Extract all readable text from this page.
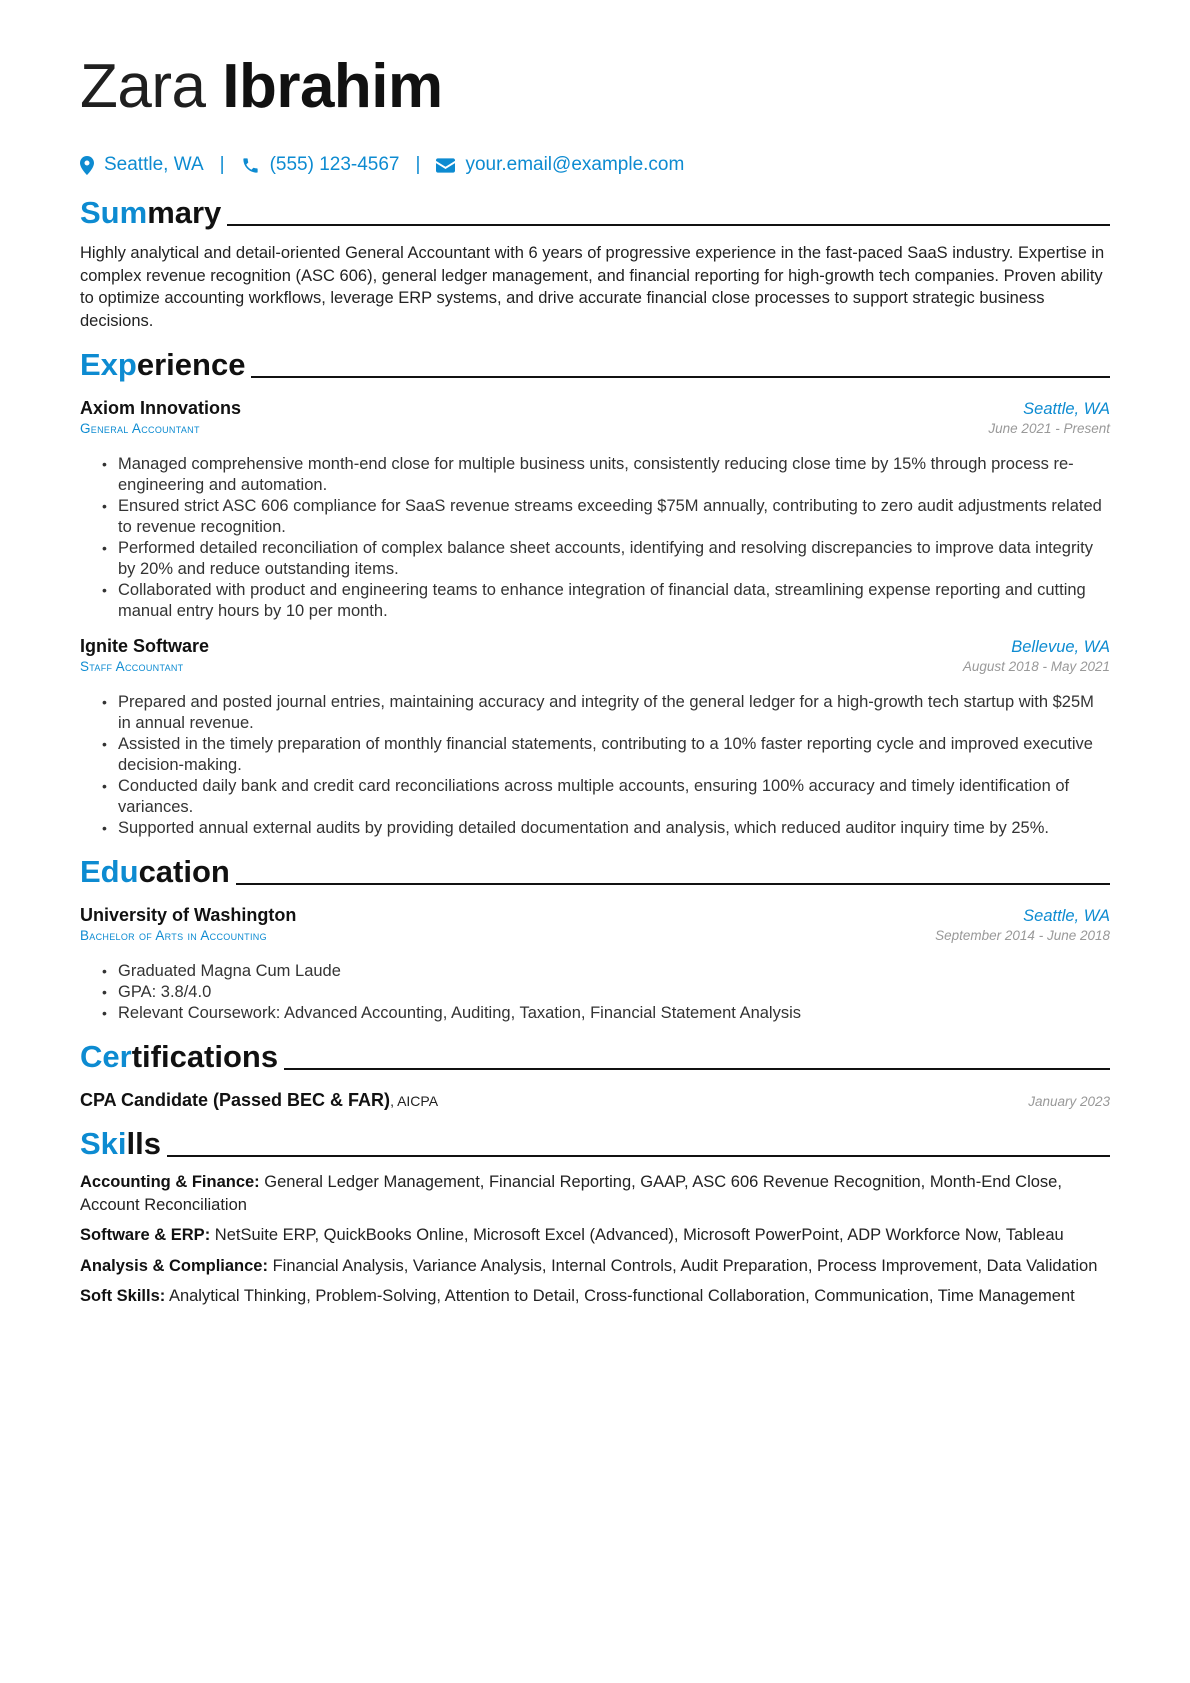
Zara Ibrahim
Seattle, WA | (555) 123-4567 | your.email@example.com
Summary
Highly analytical and detail-oriented General Accountant with 6 years of progressive experience in the fast-paced SaaS industry. Expertise in complex revenue recognition (ASC 606), general ledger management, and financial reporting for high-growth tech companies. Proven ability to optimize accounting workflows, leverage ERP systems, and drive accurate financial close processes to support strategic business decisions.
Experience
Axiom Innovations	Seattle, WA
General Accountant	June 2021 - Present
• Managed comprehensive month-end close for multiple business units, consistently reducing close time by 15% through process re-engineering and automation.
• Ensured strict ASC 606 compliance for SaaS revenue streams exceeding $75M annually, contributing to zero audit adjustments related to revenue recognition.
• Performed detailed reconciliation of complex balance sheet accounts, identifying and resolving discrepancies to improve data integrity by 20% and reduce outstanding items.
• Collaborated with product and engineering teams to enhance integration of financial data, streamlining expense reporting and cutting manual entry hours by 10 per month.
Ignite Software	Bellevue, WA
Staff Accountant	August 2018 - May 2021
• Prepared and posted journal entries, maintaining accuracy and integrity of the general ledger for a high-growth tech startup with $25M in annual revenue.
• Assisted in the timely preparation of monthly financial statements, contributing to a 10% faster reporting cycle and improved executive decision-making.
• Conducted daily bank and credit card reconciliations across multiple accounts, ensuring 100% accuracy and timely identification of variances.
• Supported annual external audits by providing detailed documentation and analysis, which reduced auditor inquiry time by 25%.
Education
University of Washington	Seattle, WA
Bachelor of Arts in Accounting	September 2014 - June 2018
• Graduated Magna Cum Laude
• GPA: 3.8/4.0
• Relevant Coursework: Advanced Accounting, Auditing, Taxation, Financial Statement Analysis
Certifications
CPA Candidate (Passed BEC & FAR), AICPA	January 2023
Skills
Accounting & Finance: General Ledger Management, Financial Reporting, GAAP, ASC 606 Revenue Recognition, Month-End Close, Account Reconciliation
Software & ERP: NetSuite ERP, QuickBooks Online, Microsoft Excel (Advanced), Microsoft PowerPoint, ADP Workforce Now, Tableau
Analysis & Compliance: Financial Analysis, Variance Analysis, Internal Controls, Audit Preparation, Process Improvement, Data Validation
Soft Skills: Analytical Thinking, Problem-Solving, Attention to Detail, Cross-functional Collaboration, Communication, Time Management
